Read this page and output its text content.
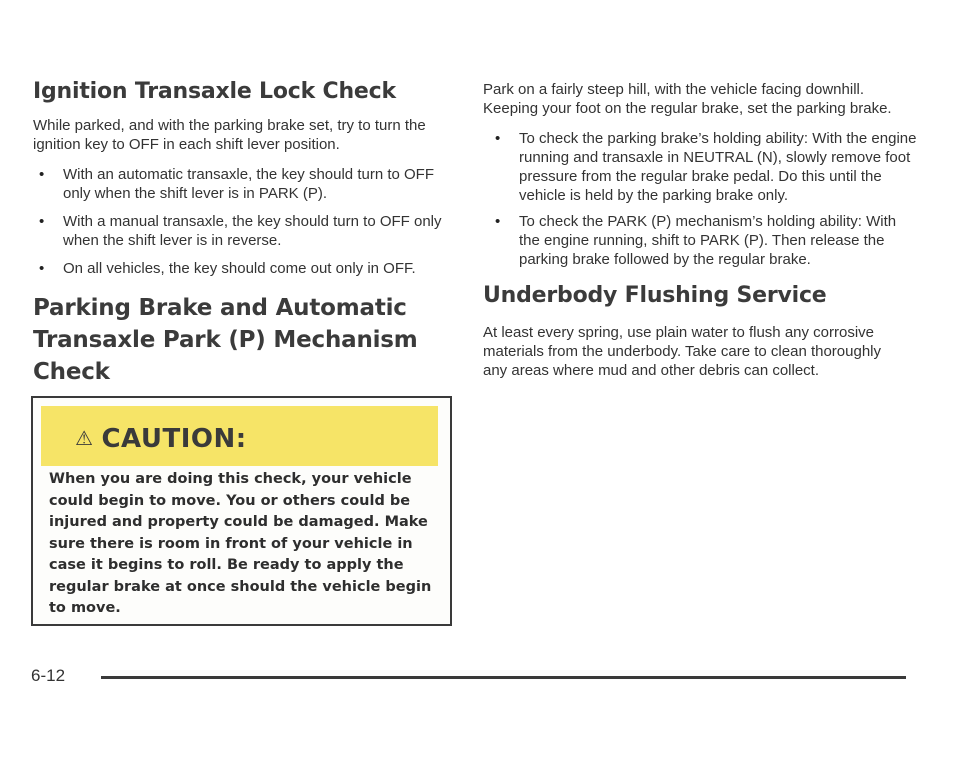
Ignition Transaxle Lock Check

While parked, and with the parking brake set, try to turn the ignition key to OFF in each shift lever position.

• With an automatic transaxle, the key should turn to OFF only when the shift lever is in PARK (P).
• With a manual transaxle, the key should turn to OFF only when the shift lever is in reverse.
• On all vehicles, the key should come out only in OFF.
Parking Brake and Automatic Transaxle Park (P) Mechanism Check
⚠ CAUTION:
When you are doing this check, your vehicle could begin to move. You or others could be injured and property could be damaged. Make sure there is room in front of your vehicle in case it begins to roll. Be ready to apply the regular brake at once should the vehicle begin to move.

Park on a fairly steep hill, with the vehicle facing downhill. Keeping your foot on the regular brake, set the parking brake.

• To check the parking brake’s holding ability: With the engine running and transaxle in NEUTRAL (N), slowly remove foot pressure from the regular brake pedal. Do this until the vehicle is held by the parking brake only.
• To check the PARK (P) mechanism’s holding ability: With the engine running, shift to PARK (P). Then release the parking brake followed by the regular brake.
Underbody Flushing Service

At least every spring, use plain water to flush any corrosive materials from the underbody. Take care to clean thoroughly any areas where mud and other debris can collect.

6-12
